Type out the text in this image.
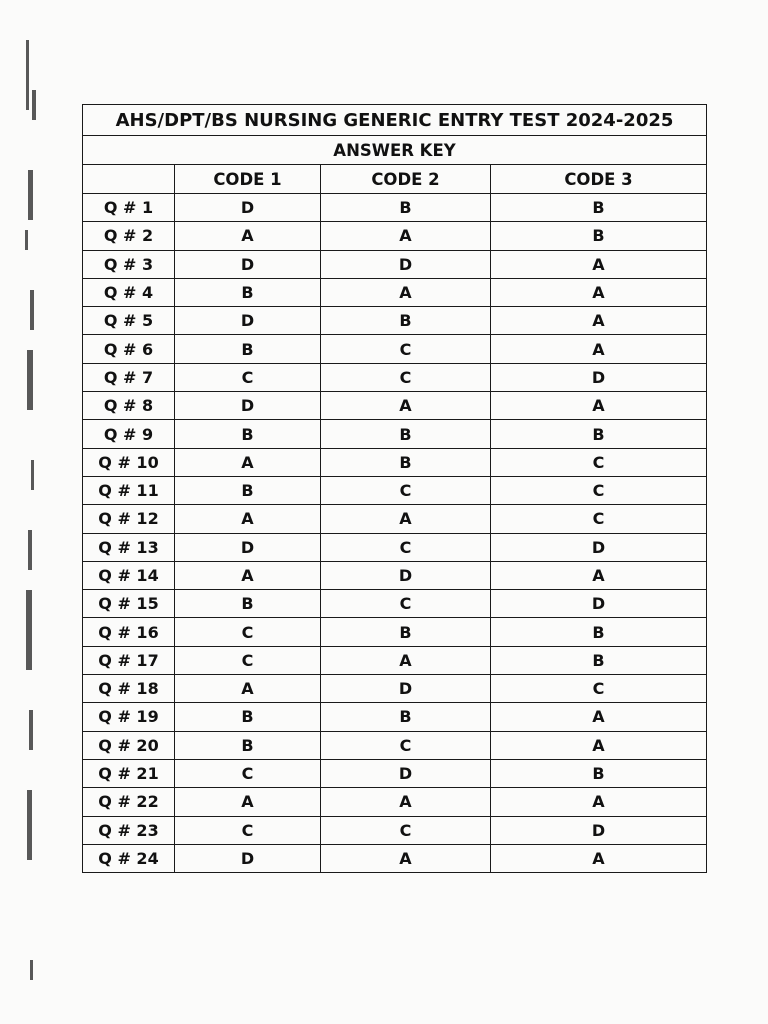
AHS/DPT/BS NURSING GENERIC ENTRY TEST 2024-2025			
ANSWER KEY			
	CODE 1	CODE 2	CODE 3
Q # 1	D	B	B
Q # 2	A	A	B
Q # 3	D	D	A
Q # 4	B	A	A
Q # 5	D	B	A
Q # 6	B	C	A
Q # 7	C	C	D
Q # 8	D	A	A
Q # 9	B	B	B
Q # 10	A	B	C
Q # 11	B	C	C
Q # 12	A	A	C
Q # 13	D	C	D
Q # 14	A	D	A
Q # 15	B	C	D
Q # 16	C	B	B
Q # 17	C	A	B
Q # 18	A	D	C
Q # 19	B	B	A
Q # 20	B	C	A
Q # 21	C	D	B
Q # 22	A	A	A
Q # 23	C	C	D
Q # 24	D	A	A
